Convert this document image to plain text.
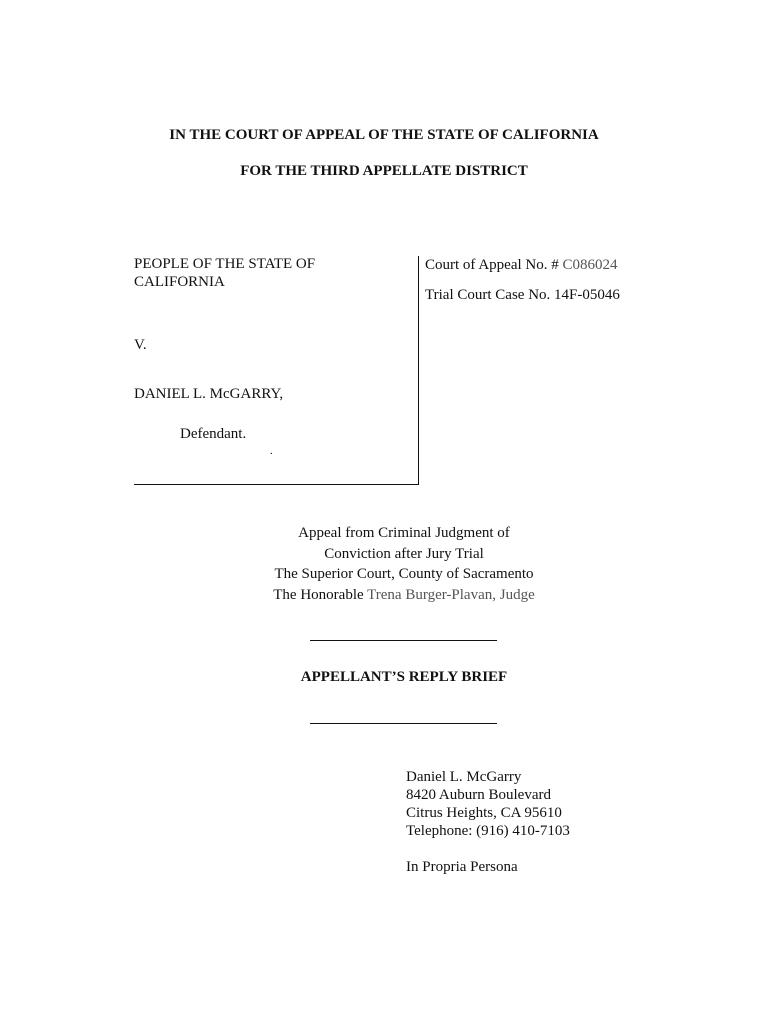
IN THE COURT OF APPEAL OF THE STATE OF CALIFORNIA
FOR THE THIRD APPELLATE DISTRICT
PEOPLE OF THE STATE OF
CALIFORNIA
V.
DANIEL L. McGARRY,
Defendant.
.
Court of Appeal No. # C086024
Trial Court Case No. 14F-05046
Appeal from Criminal Judgment of
Conviction after Jury Trial
The Superior Court, County of Sacramento
The Honorable Trena Burger-Plavan, Judge
APPELLANT’S REPLY BRIEF
Daniel L. McGarry
8420 Auburn Boulevard
Citrus Heights, CA 95610
Telephone: (916) 410-7103
In Propria Persona
